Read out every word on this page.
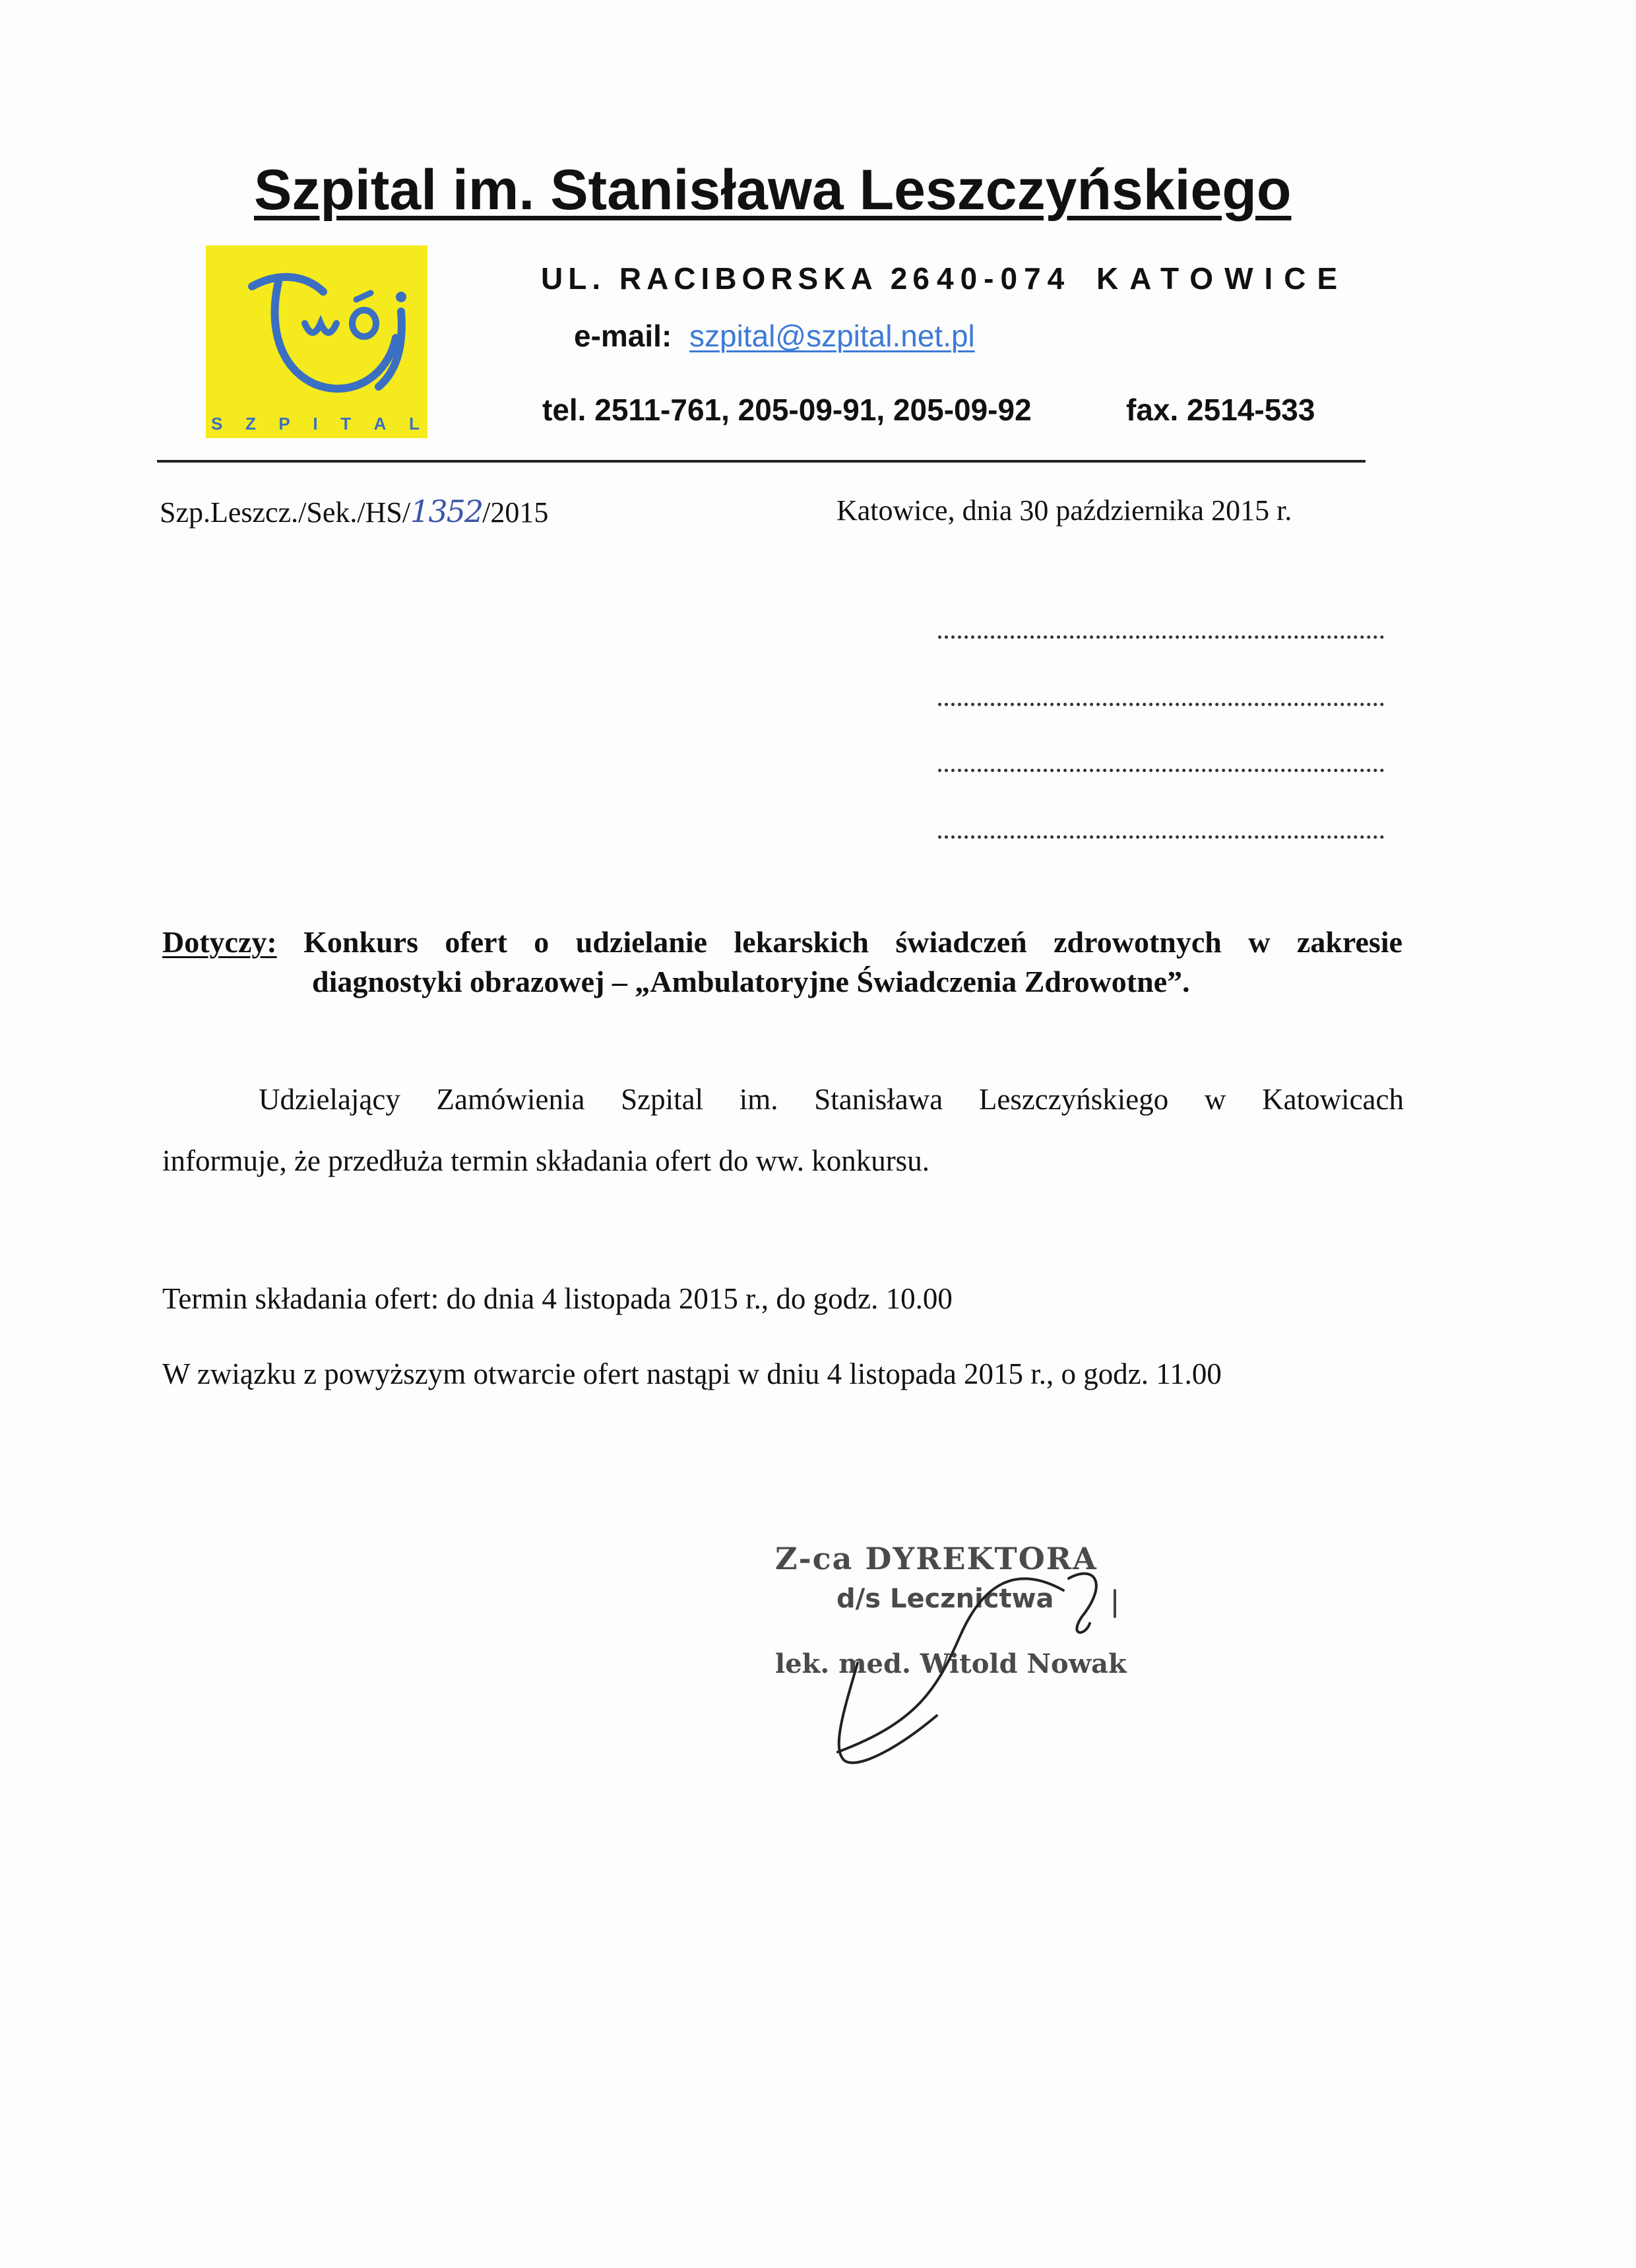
Szpital im. Stanisława Leszczyńskiego
S Z P I T A L
UL. RACIBORSKA 26 40-074 KATOWICE
e-mail: szpital@szpital.net.pl
tel. 2511-761, 205-09-91, 205-09-92	fax. 2514-533
Szp.Leszcz./Sek./HS/1352/2015	Katowice, dnia 30 października 2015 r.
Dotyczy: Konkurs ofert o udzielanie lekarskich świadczeń zdrowotnych w zakresie
diagnostyki obrazowej – „Ambulatoryjne Świadczenia Zdrowotne”.
Udzielający Zamówienia Szpital im. Stanisława Leszczyńskiego w Katowicach
informuje, że przedłuża termin składania ofert do ww. konkursu.
Termin składania ofert: do dnia 4 listopada 2015 r., do godz. 10.00
W związku z powyższym otwarcie ofert nastąpi w dniu 4 listopada 2015 r., o godz. 11.00
Z-ca DYREKTORA
d/s Lecznictwa
lek. med. Witold Nowak
